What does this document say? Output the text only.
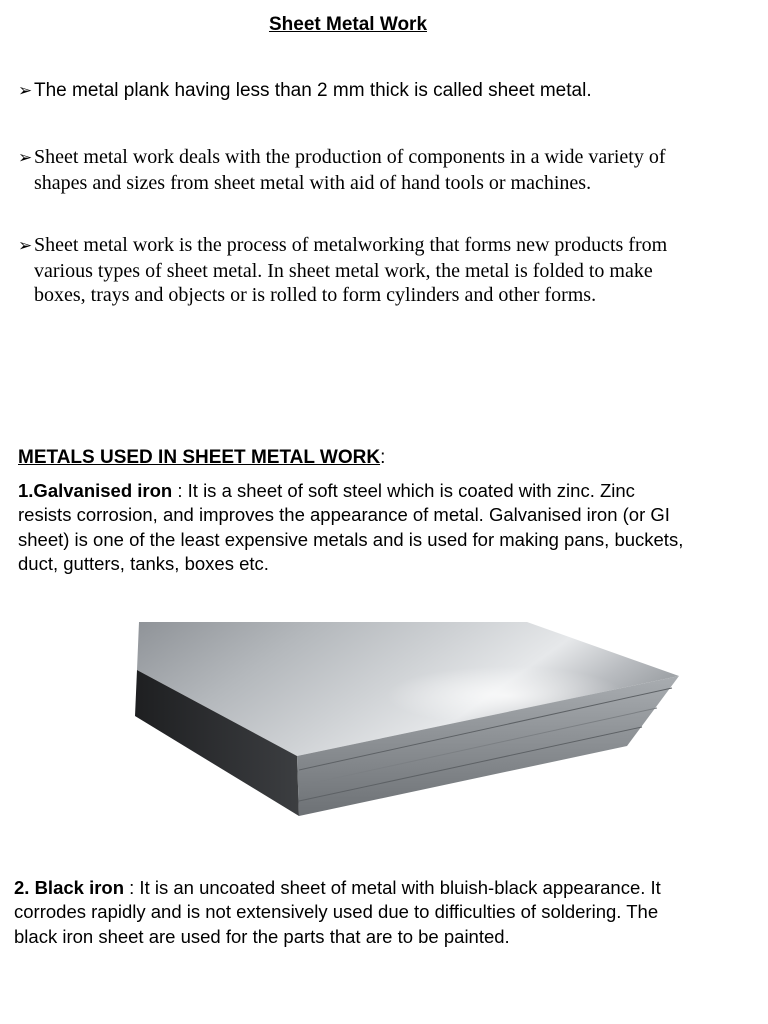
Sheet Metal Work
➢The metal plank having less than 2 mm thick is called sheet metal.
➢Sheet metal work deals with the production of components in a wide variety of
shapes and sizes from sheet metal with aid of hand tools or machines.
➢Sheet metal work is the process of metalworking that forms new products from
various types of sheet metal. In sheet metal work, the metal is folded to make
boxes, trays and objects or is rolled to form cylinders and other forms.
METALS USED IN SHEET METAL WORK:
1.Galvanised iron : It is a sheet of soft steel which is coated with zinc. Zinc
resists corrosion, and improves the appearance of metal. Galvanised iron (or GI
sheet) is one of the least expensive metals and is used for making pans, buckets,
duct, gutters, tanks, boxes etc.
2. Black iron : It is an uncoated sheet of metal with bluish-black appearance. It
corrodes rapidly and is not extensively used due to difficulties of soldering. The
black iron sheet are used for the parts that are to be painted.
